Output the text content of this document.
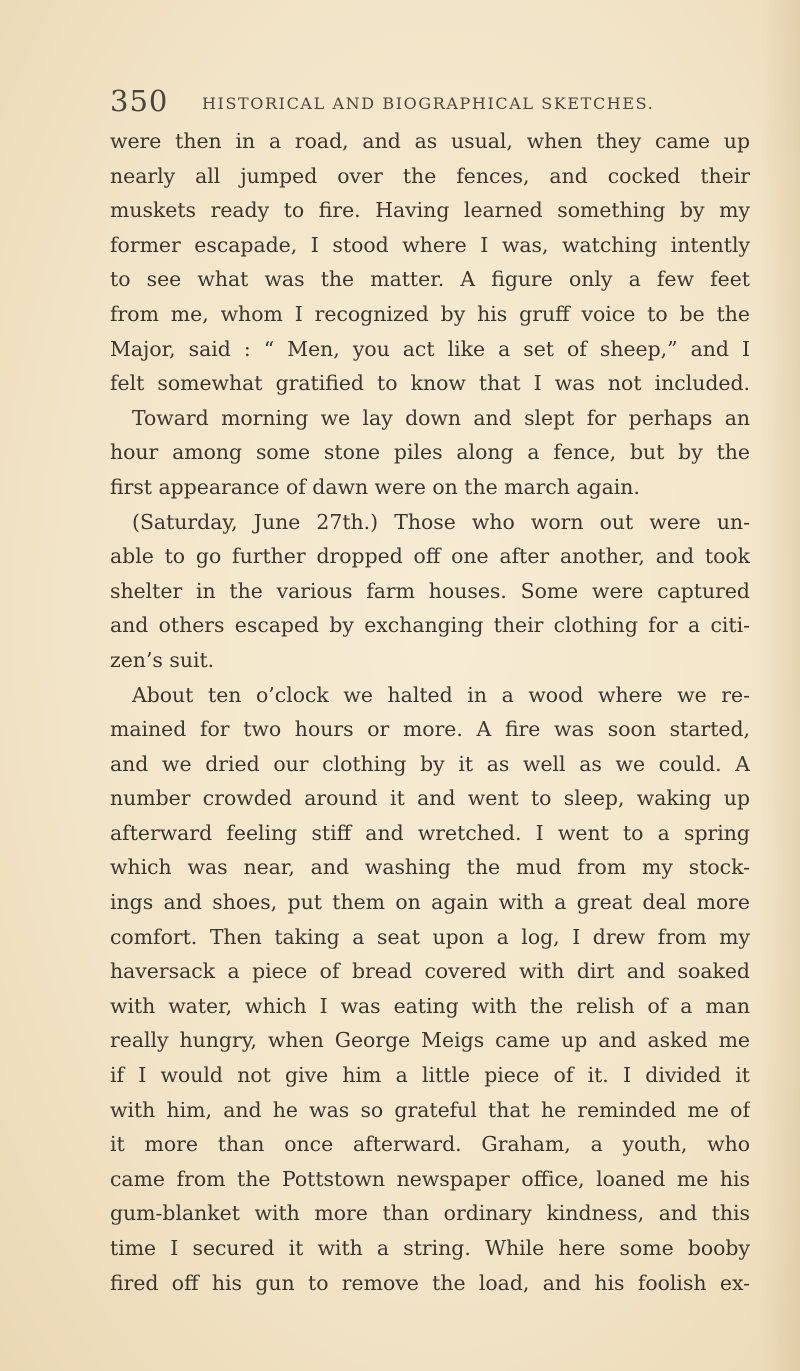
350 HISTORICAL AND BIOGRAPHICAL SKETCHES.

were then in a road, and as usual, when they came up

nearly all jumped over the fences, and cocked their

muskets ready to fire. Having learned something by my

former escapade, I stood where I was, watching intently

to see what was the matter. A figure only a few feet

from me, whom I recognized by his gruff voice to be the

Major, said : “ Men, you act like a set of sheep,” and I

felt somewhat gratified to know that I was not included.

Toward morning we lay down and slept for perhaps an

hour among some stone piles along a fence, but by the

first appearance of dawn were on the march again.

(Saturday, June 27th.) Those who worn out were un-

able to go further dropped off one after another, and took

shelter in the various farm houses. Some were captured

and others escaped by exchanging their clothing for a citi-

zen’s suit.

About ten o’clock we halted in a wood where we re-

mained for two hours or more. A fire was soon started,

and we dried our clothing by it as well as we could. A

number crowded around it and went to sleep, waking up

afterward feeling stiff and wretched. I went to a spring

which was near, and washing the mud from my stock-

ings and shoes, put them on again with a great deal more

comfort. Then taking a seat upon a log, I drew from my

haversack a piece of bread covered with dirt and soaked

with water, which I was eating with the relish of a man

really hungry, when George Meigs came up and asked me

if I would not give him a little piece of it. I divided it

with him, and he was so grateful that he reminded me of

it more than once afterward. Graham, a youth, who

came from the Pottstown newspaper office, loaned me his

gum-blanket with more than ordinary kindness, and this

time I secured it with a string. While here some booby

fired off his gun to remove the load, and his foolish ex-
